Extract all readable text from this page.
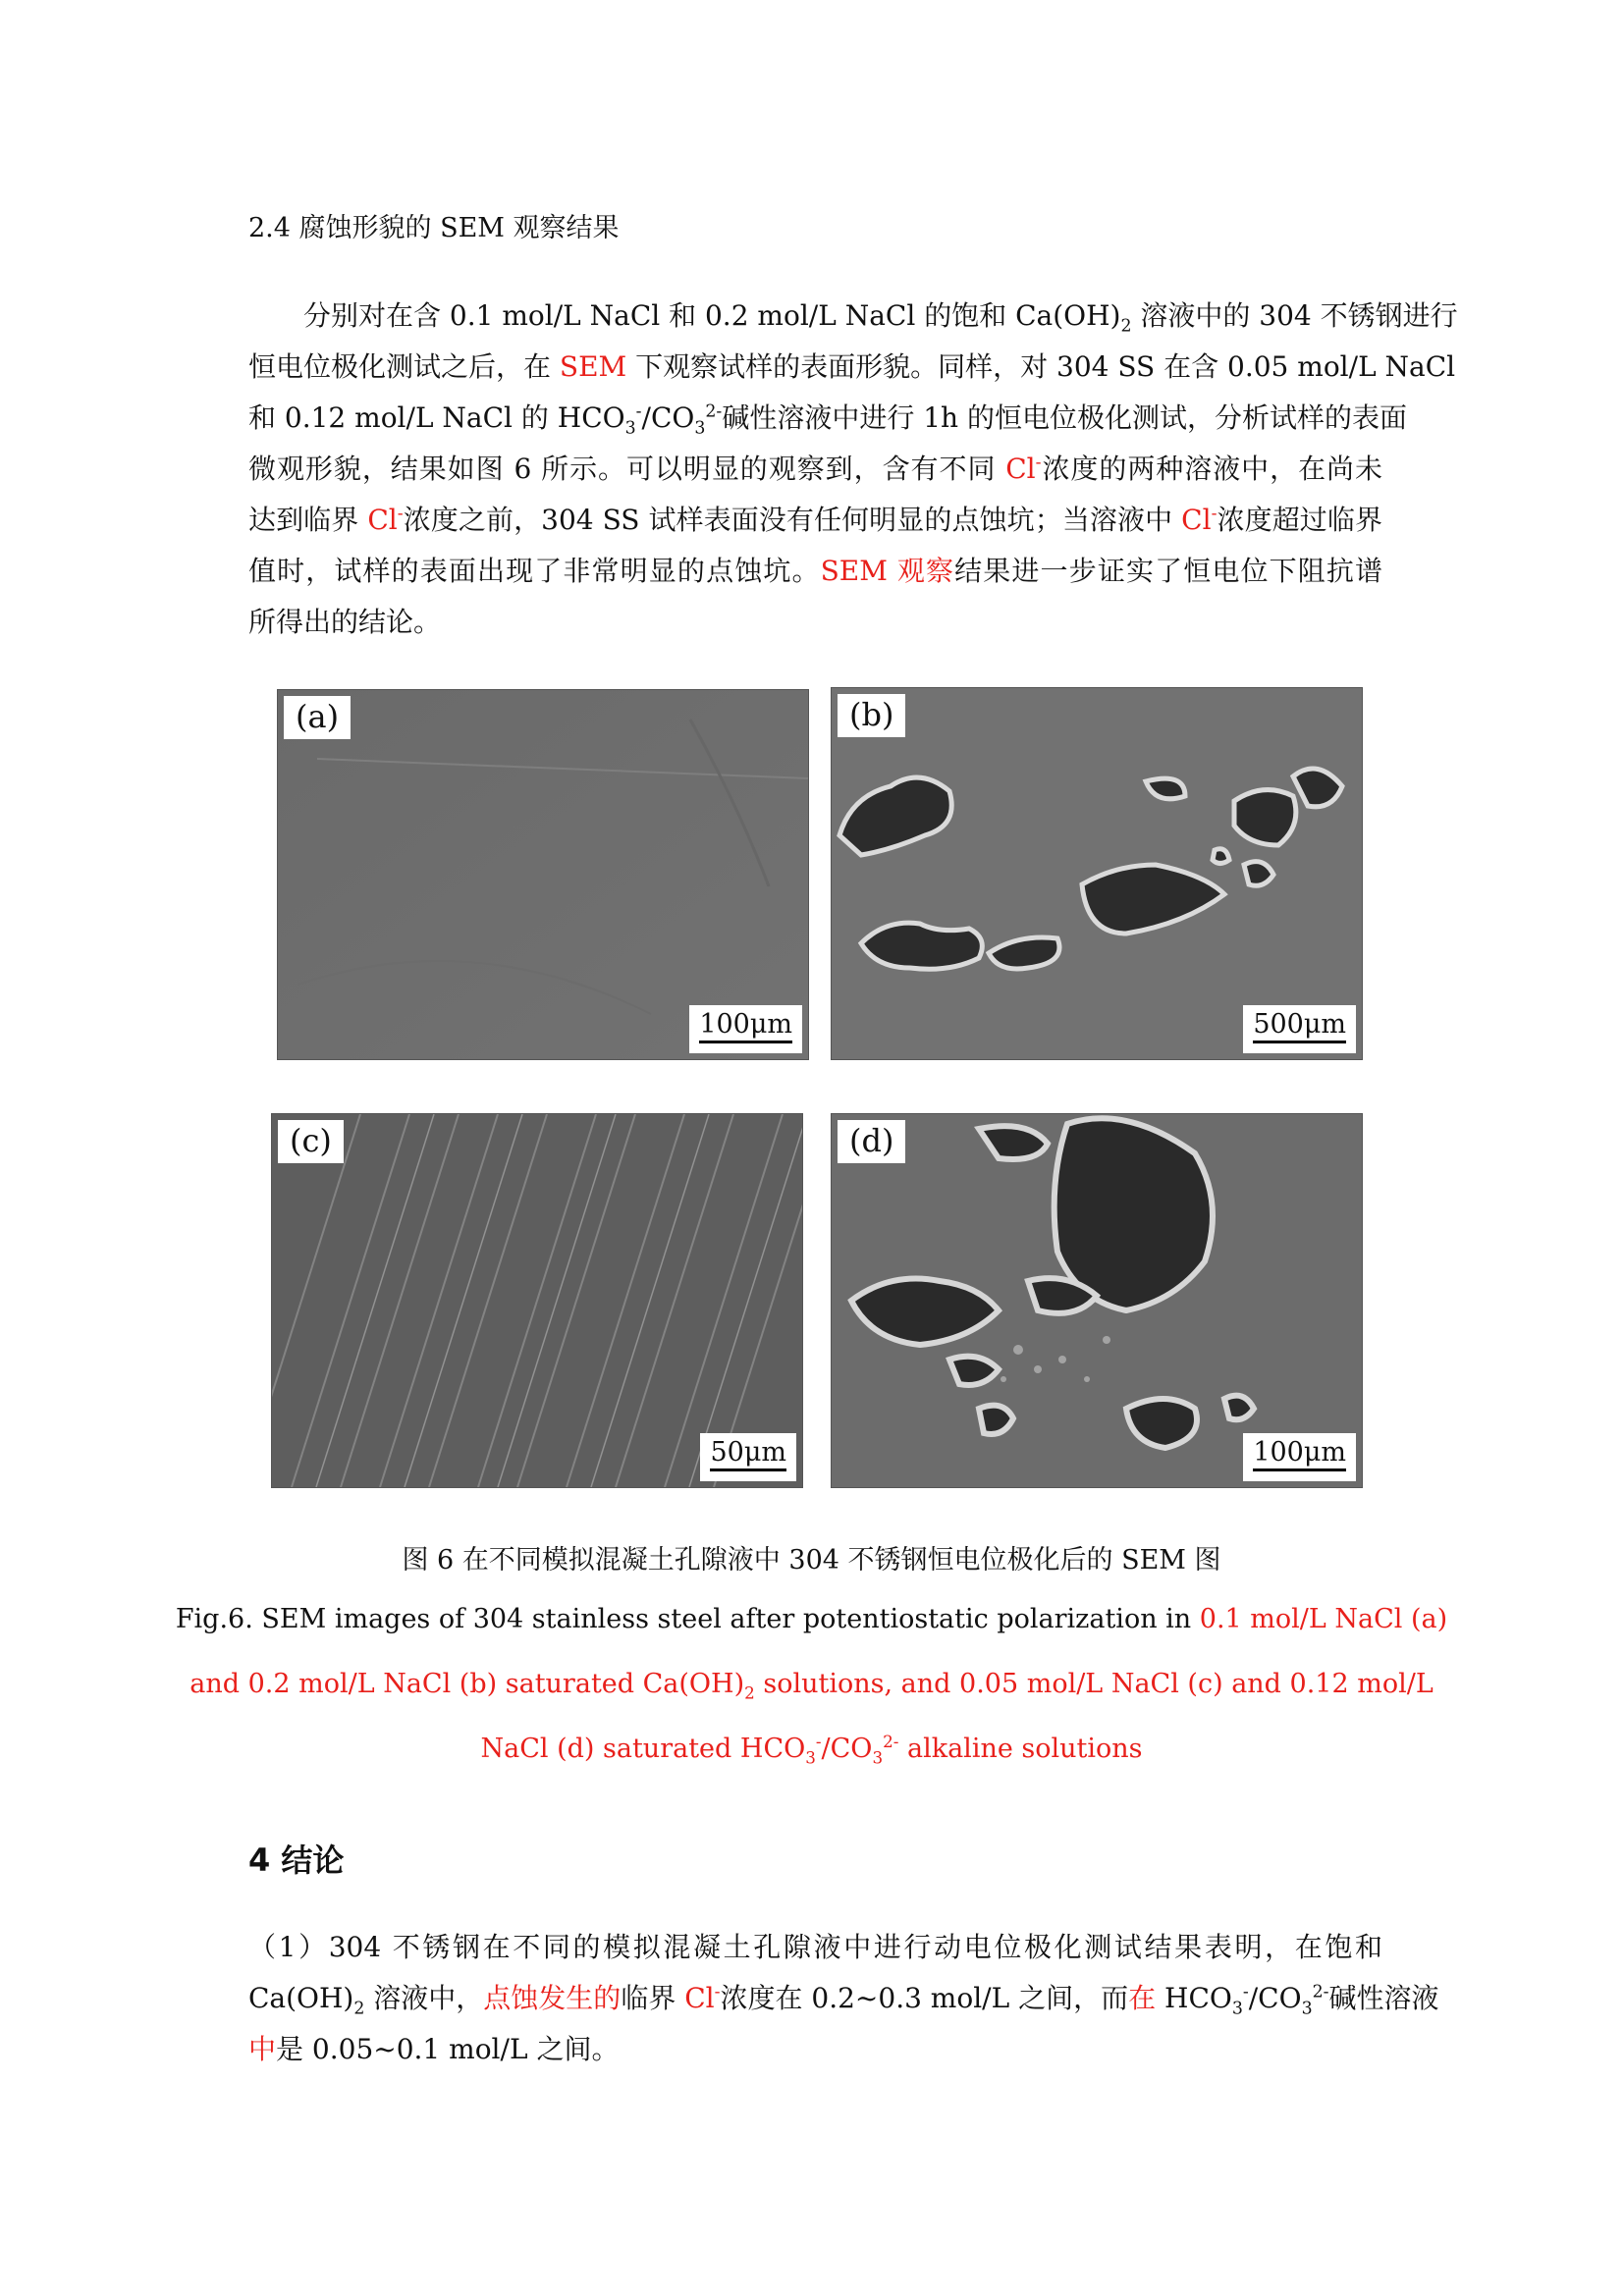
2.4 腐蚀形貌的 SEM 观察结果
分别对在含 0.1 mol/L NaCl 和 0.2 mol/L NaCl 的饱和 $Ca(OH)_2$ 溶液中的 304 不锈钢进行
恒电位极化测试之后，在 SEM 下观察试样的表面形貌。同样，对 304 SS 在含 0.05 mol/L NaCl
和 0.12 mol/L NaCl 的 $HCO_3^-/CO_3^{2-}$碱性溶液中进行 1h 的恒电位极化测试，分析试样的表面
微观形貌，结果如图 6 所示。可以明显的观察到，含有不同 Cl-浓度的两种溶液中，在尚未
达到临界 Cl-浓度之前，304 SS 试样表面没有任何明显的点蚀坑；当溶液中 Cl-浓度超过临界
值时，试样的表面出现了非常明显的点蚀坑。SEM 观察结果进一步证实了恒电位下阻抗谱
所得出的结论。
(a)
100μm
(b)
500μm
(c)
50μm
(d)
100μm
图 6 在不同模拟混凝土孔隙液中 304 不锈钢恒电位极化后的 SEM 图
Fig.6. SEM images of 304 stainless steel after potentiostatic polarization in 0.1 mol/L NaCl (a)
and 0.2 mol/L NaCl (b) saturated $Ca(OH)_2$ solutions, and 0.05 mol/L NaCl (c) and 0.12 mol/L
NaCl (d) saturated $HCO_3^-/CO_3^{2-}$ alkaline solutions
4 结论
（1）304 不锈钢在不同的模拟混凝土孔隙液中进行动电位极化测试结果表明，在饱和
$Ca(OH)_2$ 溶液中，点蚀发生的临界 Cl-浓度在 0.2~0.3 mol/L 之间，而在 $HCO_3^-/CO_3^{2-}$碱性溶液
中是 0.05~0.1 mol/L 之间。
